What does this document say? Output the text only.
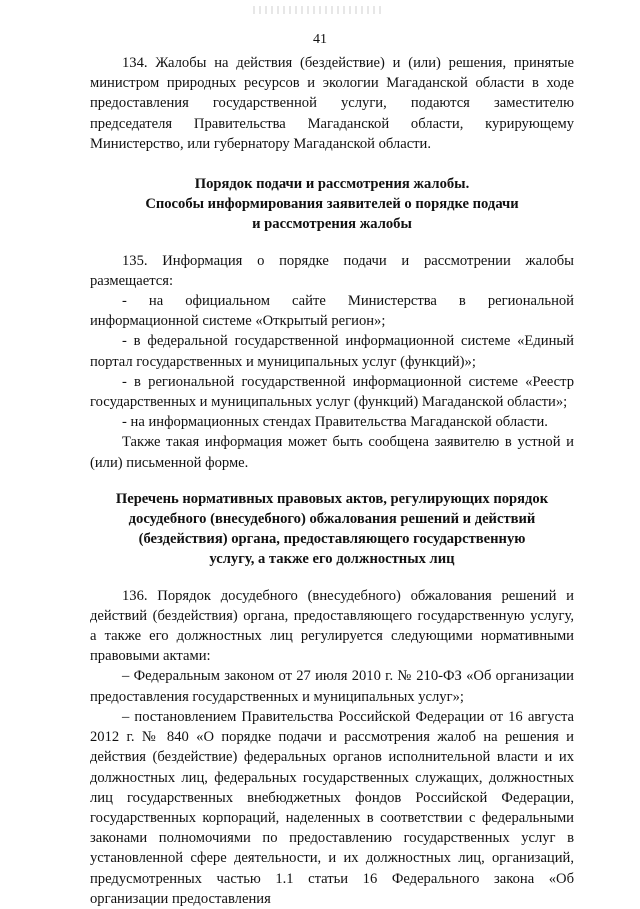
41

134. Жалобы на действия (бездействие) и (или) решения, принятые министром природных ресурсов и экологии Магаданской области в ходе предоставления государственной услуги, подаются заместителю председателя Правительства Магаданской области, курирующему Министерство, или губернатору Магаданской области.

Порядок подачи и рассмотрения жалобы.

Способы информирования заявителей о порядке подачи

и рассмотрения жалобы

135. Информация о порядке подачи и рассмотрении жалобы размещается:

- на официальном сайте Министерства в региональной информационной системе «Открытый регион»;

- в федеральной государственной информационной системе «Единый портал государственных и муниципальных услуг (функций)»;

- в региональной государственной информационной системе «Реестр государственных и муниципальных услуг (функций) Магаданской области»;

- на информационных стендах Правительства Магаданской области.

Также такая информация может быть сообщена заявителю в устной и (или) письменной форме.

Перечень нормативных правовых актов, регулирующих порядок

досудебного (внесудебного) обжалования решений и действий

(бездействия) органа, предоставляющего государственную

услугу, а также его должностных лиц

136. Порядок досудебного (внесудебного) обжалования решений и действий (бездействия) органа, предоставляющего государственную услугу, а также его должностных лиц регулируется следующими нормативными правовыми актами:

– Федеральным законом от 27 июля 2010 г. № 210-ФЗ «Об организации предоставления государственных и муниципальных услуг»;

– постановлением Правительства Российской Федерации от 16 августа 2012 г. № 840 «О порядке подачи и рассмотрения жалоб на решения и действия (бездействие) федеральных органов исполнительной власти и их должностных лиц, федеральных государственных служащих, должностных лиц государственных внебюджетных фондов Российской Федерации, государственных корпораций, наделенных в соответствии с федеральными законами полномочиями по предоставлению государственных услуг в установленной сфере деятельности, и их должностных лиц, организаций, предусмотренных частью 1.1 статьи 16 Федерального закона «Об организации предоставления
